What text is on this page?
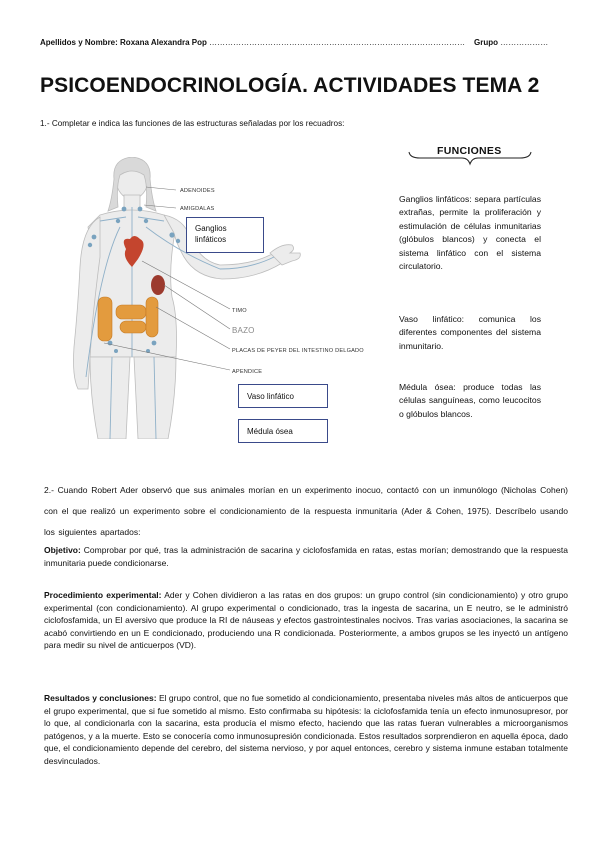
Apellidos y Nombre: Roxana Alexandra Pop …………………………………………………………………………………… Grupo ………………
PSICOENDOCRINOLOGÍA. ACTIVIDADES TEMA 2
1.- Completar e indica las funciones de las estructuras señaladas por los recuadros:
FUNCIONES
Ganglios linfáticos: separa partículas extrañas, permite la proliferación y estimulación de células inmunitarias (glóbulos blancos) y conecta el sistema linfático con el sistema circulatorio.
Vaso linfático: comunica los diferentes componentes del sistema inmunitario.
Médula ósea: produce todas las células sanguíneas, como leucocitos o glóbulos blancos.
ADENOIDES
AMIGDALAS
TIMO
BAZO
PLACAS DE PEYER DEL INTESTINO DELGADO
APENDICE
Ganglios linfáticos
Vaso linfático
Médula ósea
2.- Cuando Robert Ader observó que sus animales morían en un experimento inocuo, contactó con un inmunólogo (Nicholas Cohen) con el que realizó un experimento sobre el condicionamiento de la respuesta inmunitaria (Ader & Cohen, 1975). Descríbelo usando los siguientes apartados:
Objetivo: Comprobar por qué, tras la administración de sacarina y ciclofosfamida en ratas, estas morían; demostrando que la respuesta inmunitaria puede condicionarse.
Procedimiento experimental: Ader y Cohen dividieron a las ratas en dos grupos: un grupo control (sin condicionamiento) y otro grupo experimental (con condicionamiento). Al grupo experimental o condicionado, tras la ingesta de sacarina, un E neutro, se le administró ciclofosfamida, un El aversivo que produce la RI de náuseas y efectos gastrointestinales nocivos. Tras varias asociaciones, la sacarina se acabó convirtiendo en un E condicionado, produciendo una R condicionada. Posteriormente, a ambos grupos se les inyectó un antígeno para medir su nivel de anticuerpos (VD).
Resultados y conclusiones: El grupo control, que no fue sometido al condicionamiento, presentaba niveles más altos de anticuerpos que el grupo experimental, que si fue sometido al mismo. Esto confirmaba su hipótesis: la ciclofosfamida tenía un efecto inmunosupresor, por lo que, al condicionarla con la sacarina, esta producía el mismo efecto, haciendo que las ratas fueran vulnerables a microorganismos patógenos, y a la muerte. Esto se conocería como inmunosupresión condicionada. Estos resultados sorprendieron en aquella época, dado que, el condicionamiento depende del cerebro, del sistema nervioso, y por aquel entonces, cerebro y sistema inmune estaban totalmente desvinculados.
